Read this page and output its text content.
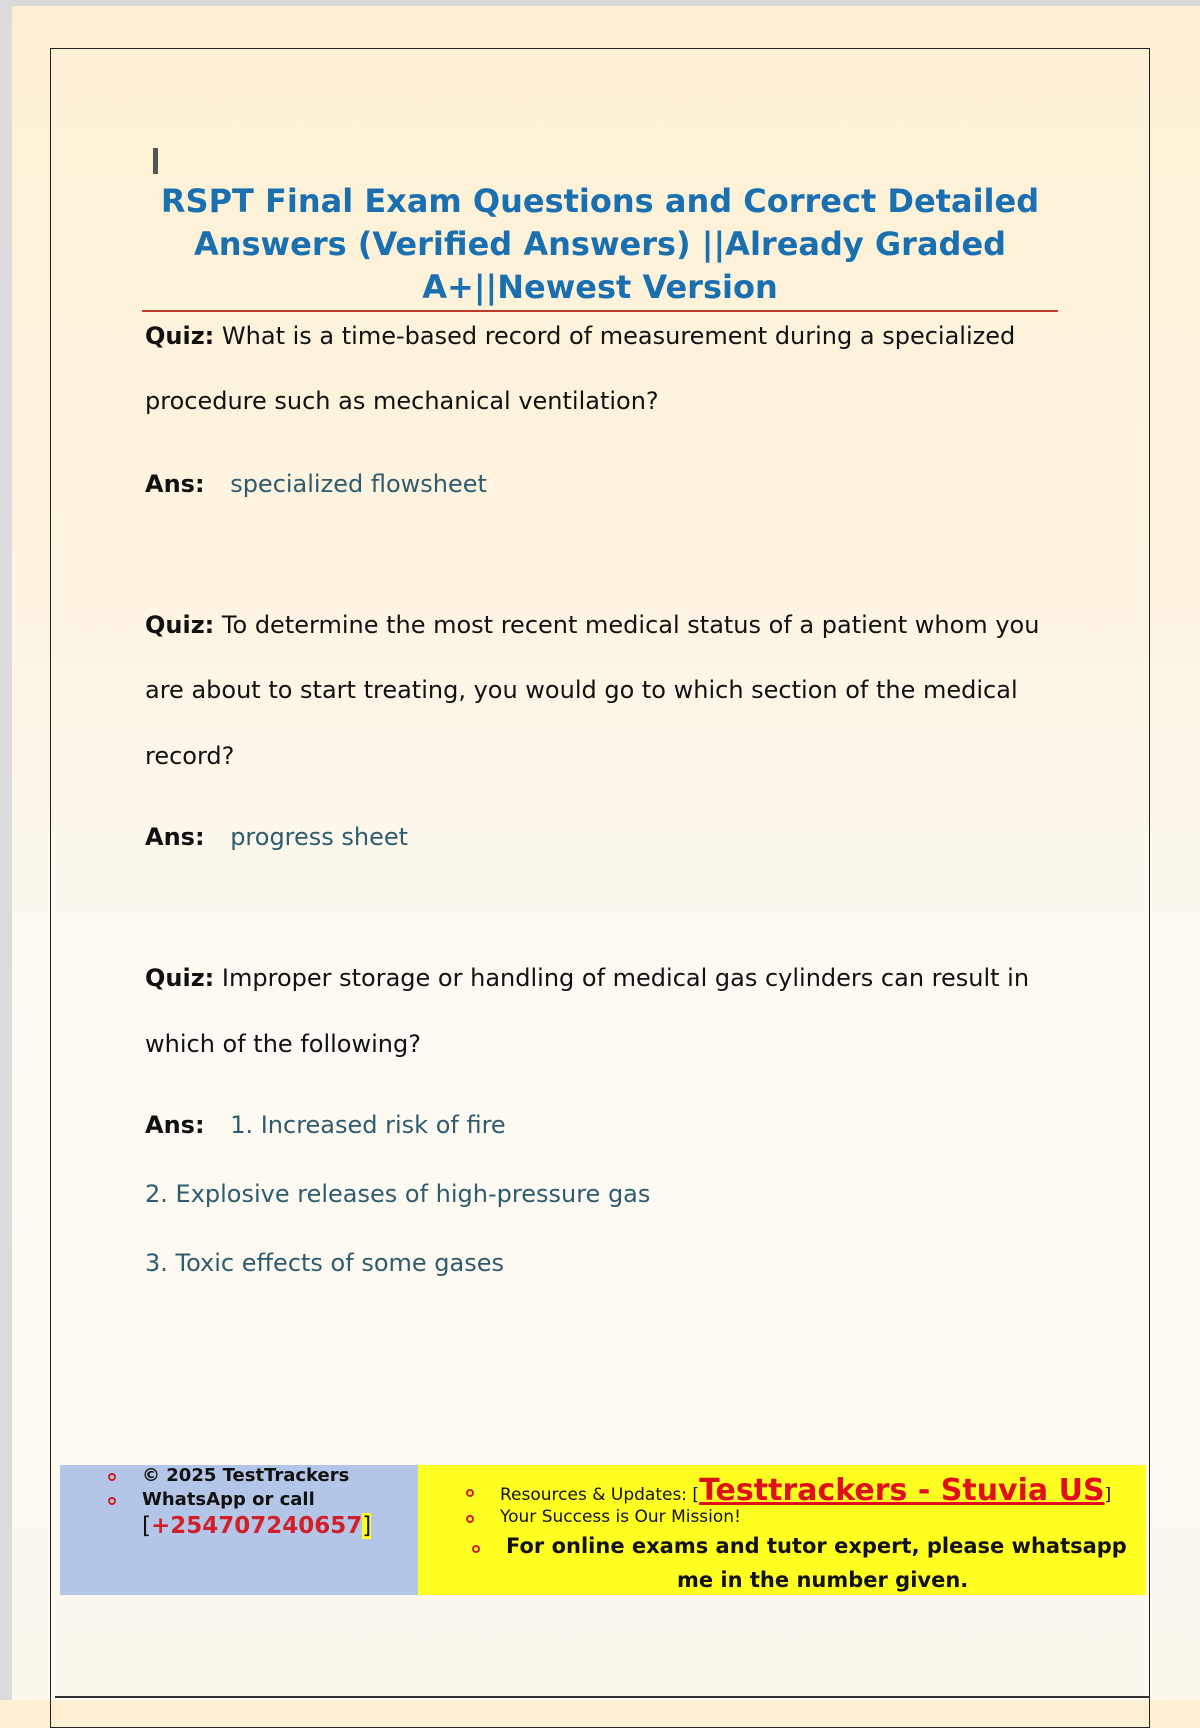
RSPT Final Exam Questions and Correct Detailed
Answers (Verified Answers) ||Already Graded
A+||Newest Version
Quiz: What is a time-based record of measurement during a specialized
procedure such as mechanical ventilation?
Ans: specialized flowsheet
Quiz: To determine the most recent medical status of a patient whom you
are about to start treating, you would go to which section of the medical
record?
Ans: progress sheet
Quiz: Improper storage or handling of medical gas cylinders can result in
which of the following?
Ans: 1. Increased risk of fire
2. Explosive releases of high-pressure gas
3. Toxic effects of some gases
© 2025 TestTrackers
WhatsApp or call
[+254707240657]
Resources & Updates: [Testtrackers - Stuvia US]
Your Success is Our Mission!
For online exams and tutor expert, please whatsapp
me in the number given.
